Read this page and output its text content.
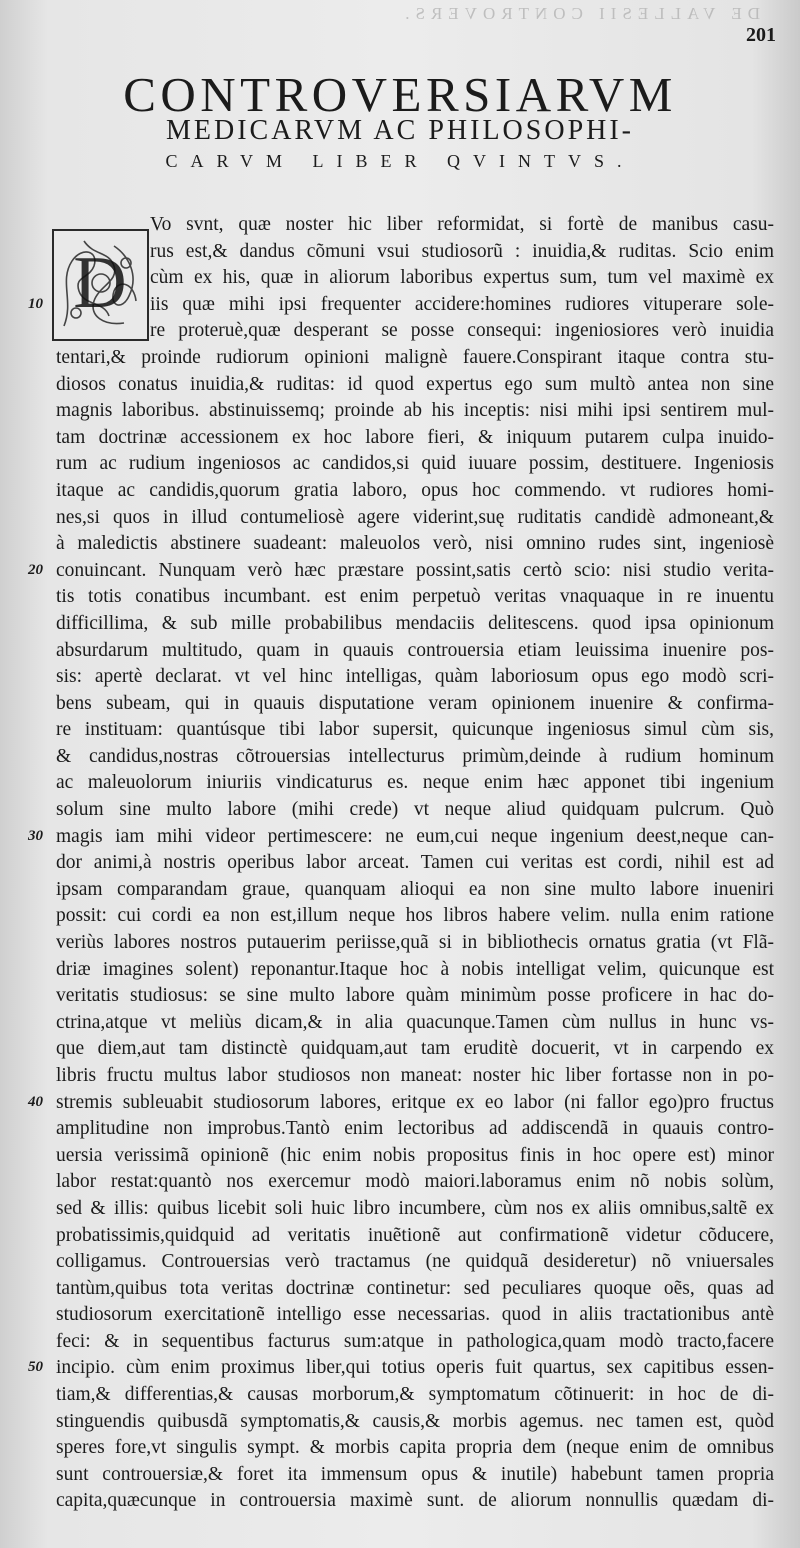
DE VALLESII CONTROVERS.
201
CONTROVERSIARVM
MEDICARVM AC PHILOSOPHI-
CARVM LIBER QVINTVS.
D
Vo svnt, quæ noster hic liber reformidat, si fortè de manibus casu-
rus est,& dandus cõmuni vsui studiosorũ : inuidia,& ruditas. Scio enim
cùm ex his, quæ in aliorum laboribus expertus sum, tum vel maximè ex
iis quæ mihi ipsi frequenter accidere:homines rudiores vituperare sole-
re proteruè,quæ desperant se posse consequi: ingeniosiores verò inuidia
tentari,& proinde rudiorum opinioni malignè fauere.Conspirant itaque contra stu-
diosos conatus inuidia,& ruditas: id quod expertus ego sum multò antea non sine
magnis laboribus. abstinuissemq; proinde ab his inceptis: nisi mihi ipsi sentirem mul-
tam doctrinæ accessionem ex hoc labore fieri, & iniquum putarem culpa inuido-
rum ac rudium ingeniosos ac candidos,si quid iuuare possim, destituere. Ingeniosis
itaque ac candidis,quorum gratia laboro, opus hoc commendo. vt rudiores homi-
nes,si quos in illud contumeliosè agere viderint,suę ruditatis candidè admoneant,&
à maledictis abstinere suadeant: maleuolos verò, nisi omnino rudes sint, ingeniosè
conuincant. Nunquam verò hæc præstare possint,satis certò scio: nisi studio verita-
tis totis conatibus incumbant. est enim perpetuò veritas vnaquaque in re inuentu
difficillima, & sub mille probabilibus mendaciis delitescens. quod ipsa opinionum
absurdarum multitudo, quam in quauis controuersia etiam leuissima inuenire pos-
sis: apertè declarat. vt vel hinc intelligas, quàm laboriosum opus ego modò scri-
bens subeam, qui in quauis disputatione veram opinionem inuenire & confirma-
re instituam: quantúsque tibi labor supersit, quicunque ingeniosus simul cùm sis,
& candidus,nostras cõtrouersias intellecturus primùm,deinde à rudium hominum
ac maleuolorum iniuriis vindicaturus es. neque enim hæc apponet tibi ingenium
solum sine multo labore (mihi crede) vt neque aliud quidquam pulcrum. Quò
magis iam mihi videor pertimescere: ne eum,cui neque ingenium deest,neque can-
dor animi,à nostris operibus labor arceat. Tamen cui veritas est cordi, nihil est ad
ipsam comparandam graue, quanquam alioqui ea non sine multo labore inueniri
possit: cui cordi ea non est,illum neque hos libros habere velim. nulla enim ratione
veriùs labores nostros putauerim periisse,quã si in bibliothecis ornatus gratia (vt Flã-
driæ imagines solent) reponantur.Itaque hoc à nobis intelligat velim, quicunque est
veritatis studiosus: se sine multo labore quàm minimùm posse proficere in hac do-
ctrina,atque vt meliùs dicam,& in alia quacunque.Tamen cùm nullus in hunc vs-
que diem,aut tam distinctè quidquam,aut tam eruditè docuerit, vt in carpendo ex
libris fructu multus labor studiosos non maneat: noster hic liber fortasse non in po-
stremis subleuabit studiosorum labores, eritque ex eo labor (ni fallor ego)pro fructus
amplitudine non improbus.Tantò enim lectoribus ad addiscendã in quauis contro-
uersia verissimã opinionẽ (hic enim nobis propositus finis in hoc opere est) minor
labor restat:quantò nos exercemur modò maiori.laboramus enim nõ nobis solùm,
sed & illis: quibus licebit soli huic libro incumbere, cùm nos ex aliis omnibus,saltẽ ex
probatissimis,quidquid ad veritatis inuẽtionẽ aut confirmationẽ videtur cõducere,
colligamus. Controuersias verò tractamus (ne quidquã desideretur) nõ vniuersales
tantùm,quibus tota veritas doctrinæ continetur: sed peculiares quoque oẽs, quas ad
studiosorum exercitationẽ intelligo esse necessarias. quod in aliis tractationibus antè
feci: & in sequentibus facturus sum:atque in pathologica,quam modò tracto,facere
incipio. cùm enim proximus liber,qui totius operis fuit quartus, sex capitibus essen-
tiam,& differentias,& causas morborum,& symptomatum cõtinuerit: in hoc de di-
stinguendis quibusdã symptomatis,& causis,& morbis agemus. nec tamen est, quòd
speres fore,vt singulis sympt. & morbis capita propria dem (neque enim de omnibus
sunt controuersiæ,& foret ita immensum opus & inutile) habebunt tamen propria
capita,quæcunque in controuersia maximè sunt. de aliorum nonnullis quædam di-
10
20
30
40
50
